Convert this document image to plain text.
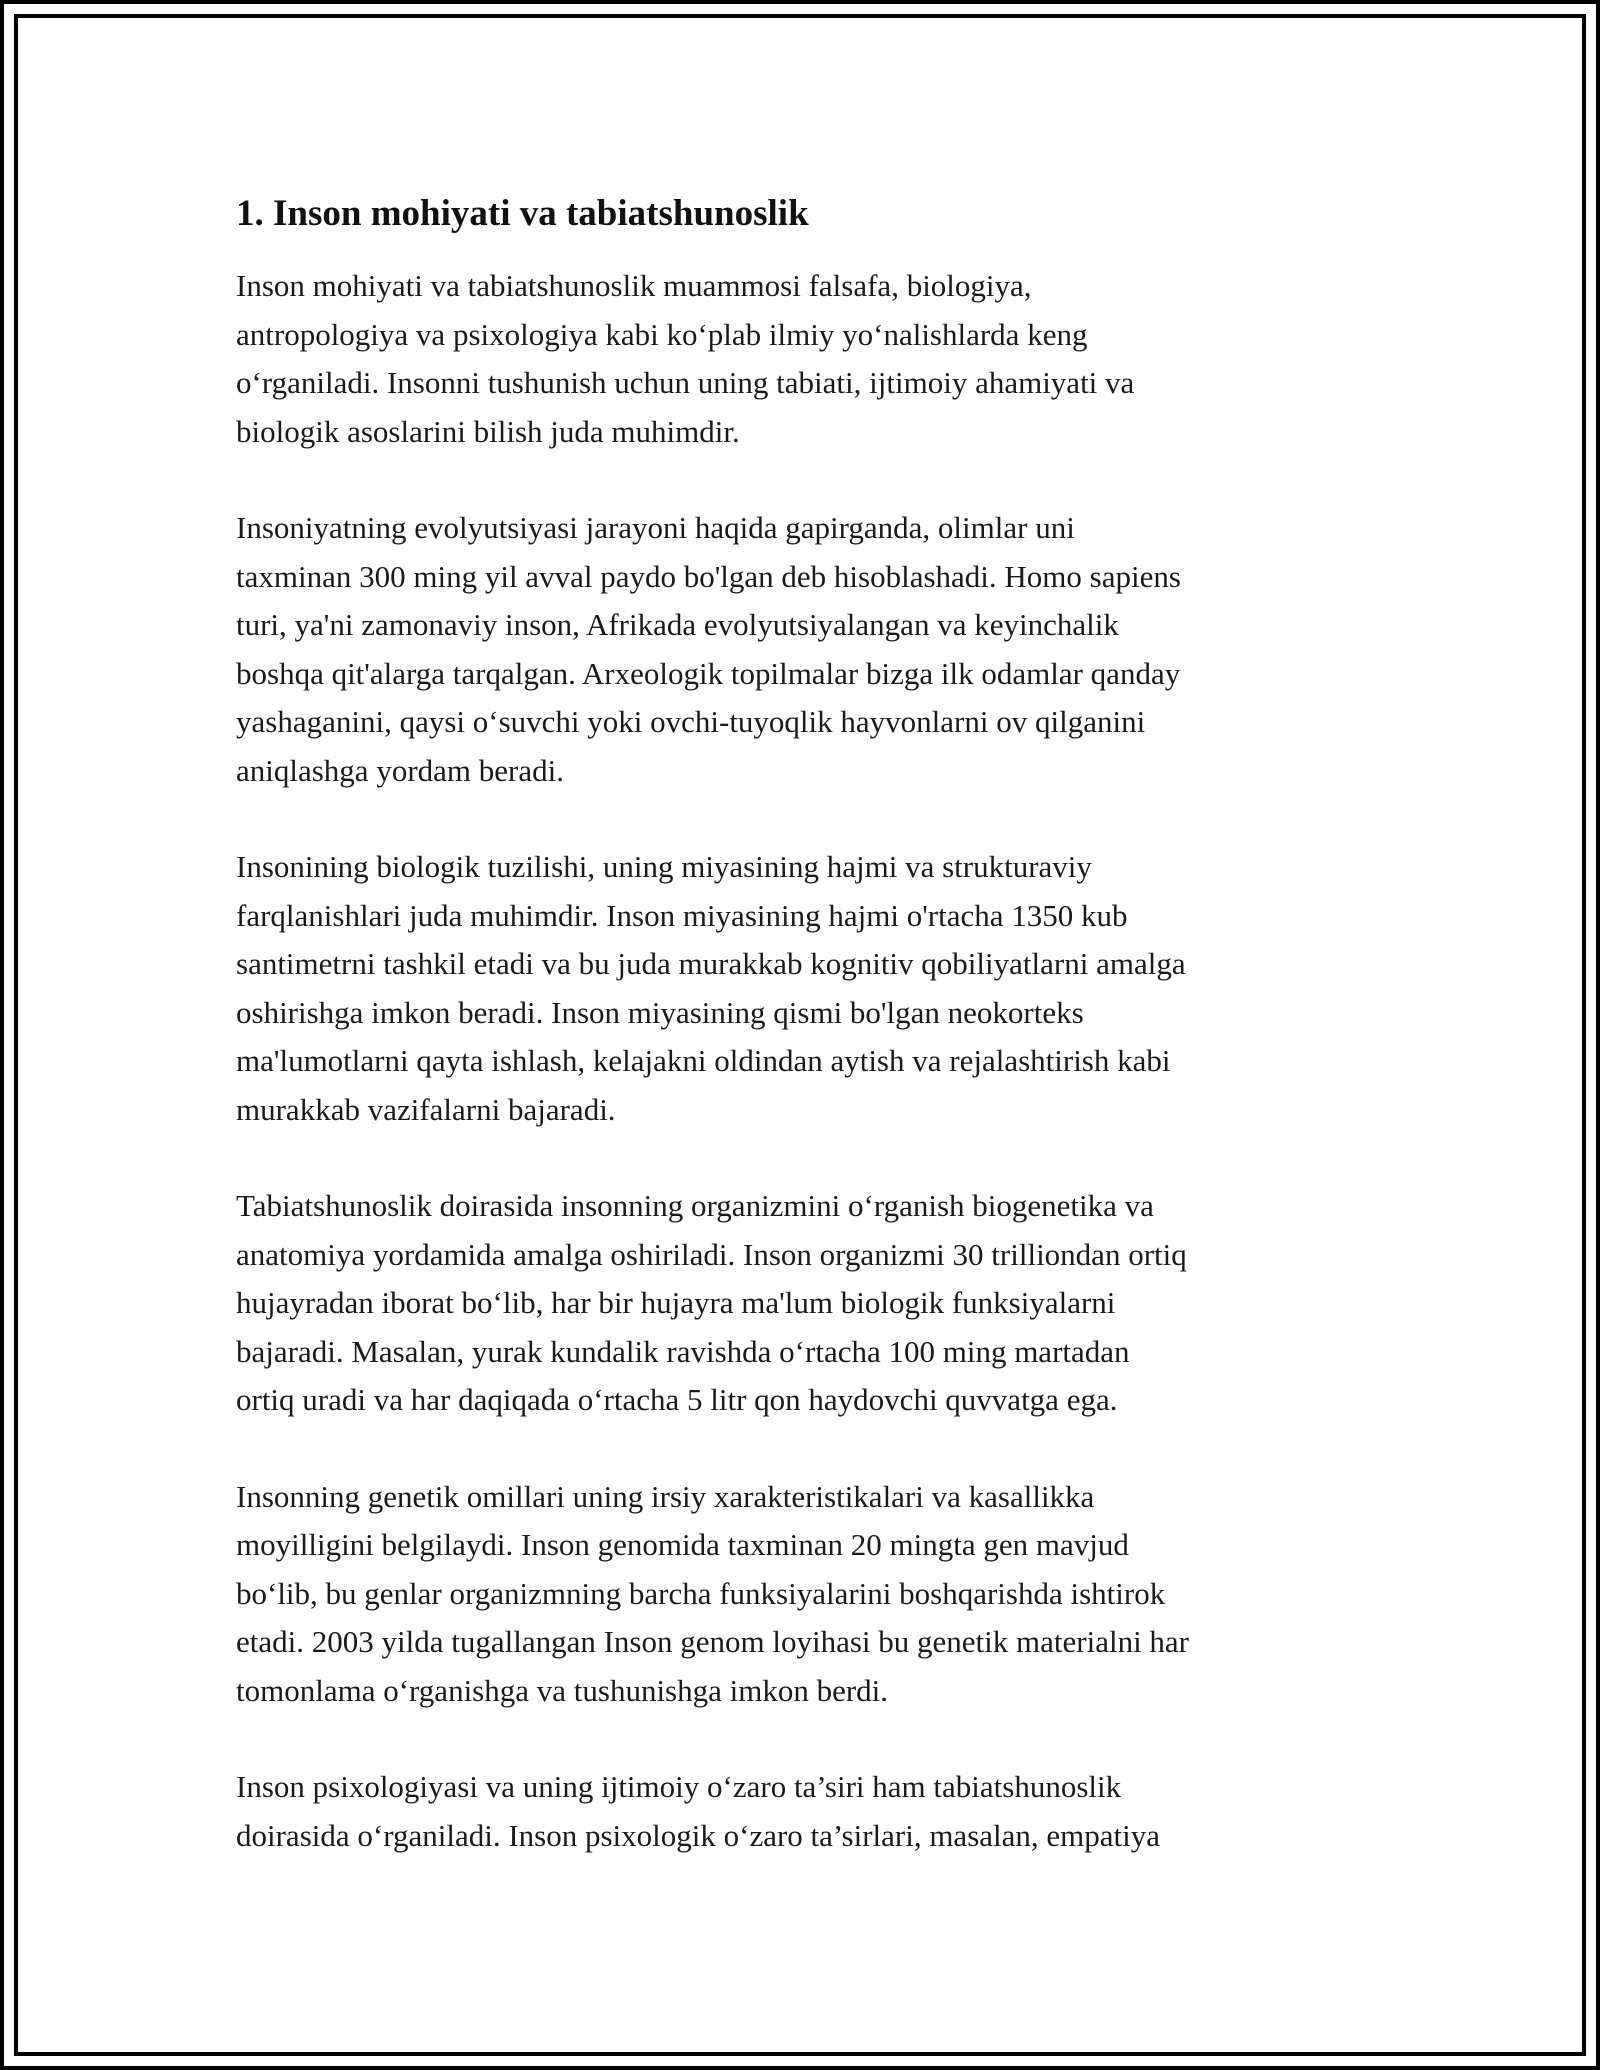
1. Inson mohiyati va tabiatshunoslik

Inson mohiyati va tabiatshunoslik muammosi falsafa, biologiya,
antropologiya va psixologiya kabi ko‘plab ilmiy yo‘nalishlarda keng
o‘rganiladi. Insonni tushunish uchun uning tabiati, ijtimoiy ahamiyati va
biologik asoslarini bilish juda muhimdir.

Insoniyatning evolyutsiyasi jarayoni haqida gapirganda, olimlar uni
taxminan 300 ming yil avval paydo bo'lgan deb hisoblashadi. Homo sapiens
turi, ya'ni zamonaviy inson, Afrikada evolyutsiyalangan va keyinchalik
boshqa qit'alarga tarqalgan. Arxeologik topilmalar bizga ilk odamlar qanday
yashaganini, qaysi o‘suvchi yoki ovchi-tuyoqlik hayvonlarni ov qilganini
aniqlashga yordam beradi.

Insonining biologik tuzilishi, uning miyasining hajmi va strukturaviy
farqlanishlari juda muhimdir. Inson miyasining hajmi o'rtacha 1350 kub
santimetrni tashkil etadi va bu juda murakkab kognitiv qobiliyatlarni amalga
oshirishga imkon beradi. Inson miyasining qismi bo'lgan neokorteks
ma'lumotlarni qayta ishlash, kelajakni oldindan aytish va rejalashtirish kabi
murakkab vazifalarni bajaradi.

Tabiatshunoslik doirasida insonning organizmini o‘rganish biogenetika va
anatomiya yordamida amalga oshiriladi. Inson organizmi 30 trilliondan ortiq
hujayradan iborat bo‘lib, har bir hujayra ma'lum biologik funksiyalarni
bajaradi. Masalan, yurak kundalik ravishda o‘rtacha 100 ming martadan
ortiq uradi va har daqiqada o‘rtacha 5 litr qon haydovchi quvvatga ega.

Insonning genetik omillari uning irsiy xarakteristikalari va kasallikka
moyilligini belgilaydi. Inson genomida taxminan 20 mingta gen mavjud
bo‘lib, bu genlar organizmning barcha funksiyalarini boshqarishda ishtirok
etadi. 2003 yilda tugallangan Inson genom loyihasi bu genetik materialni har
tomonlama o‘rganishga va tushunishga imkon berdi.

Inson psixologiyasi va uning ijtimoiy o‘zaro ta’siri ham tabiatshunoslik
doirasida o‘rganiladi. Inson psixologik o‘zaro ta’sirlari, masalan, empatiya
